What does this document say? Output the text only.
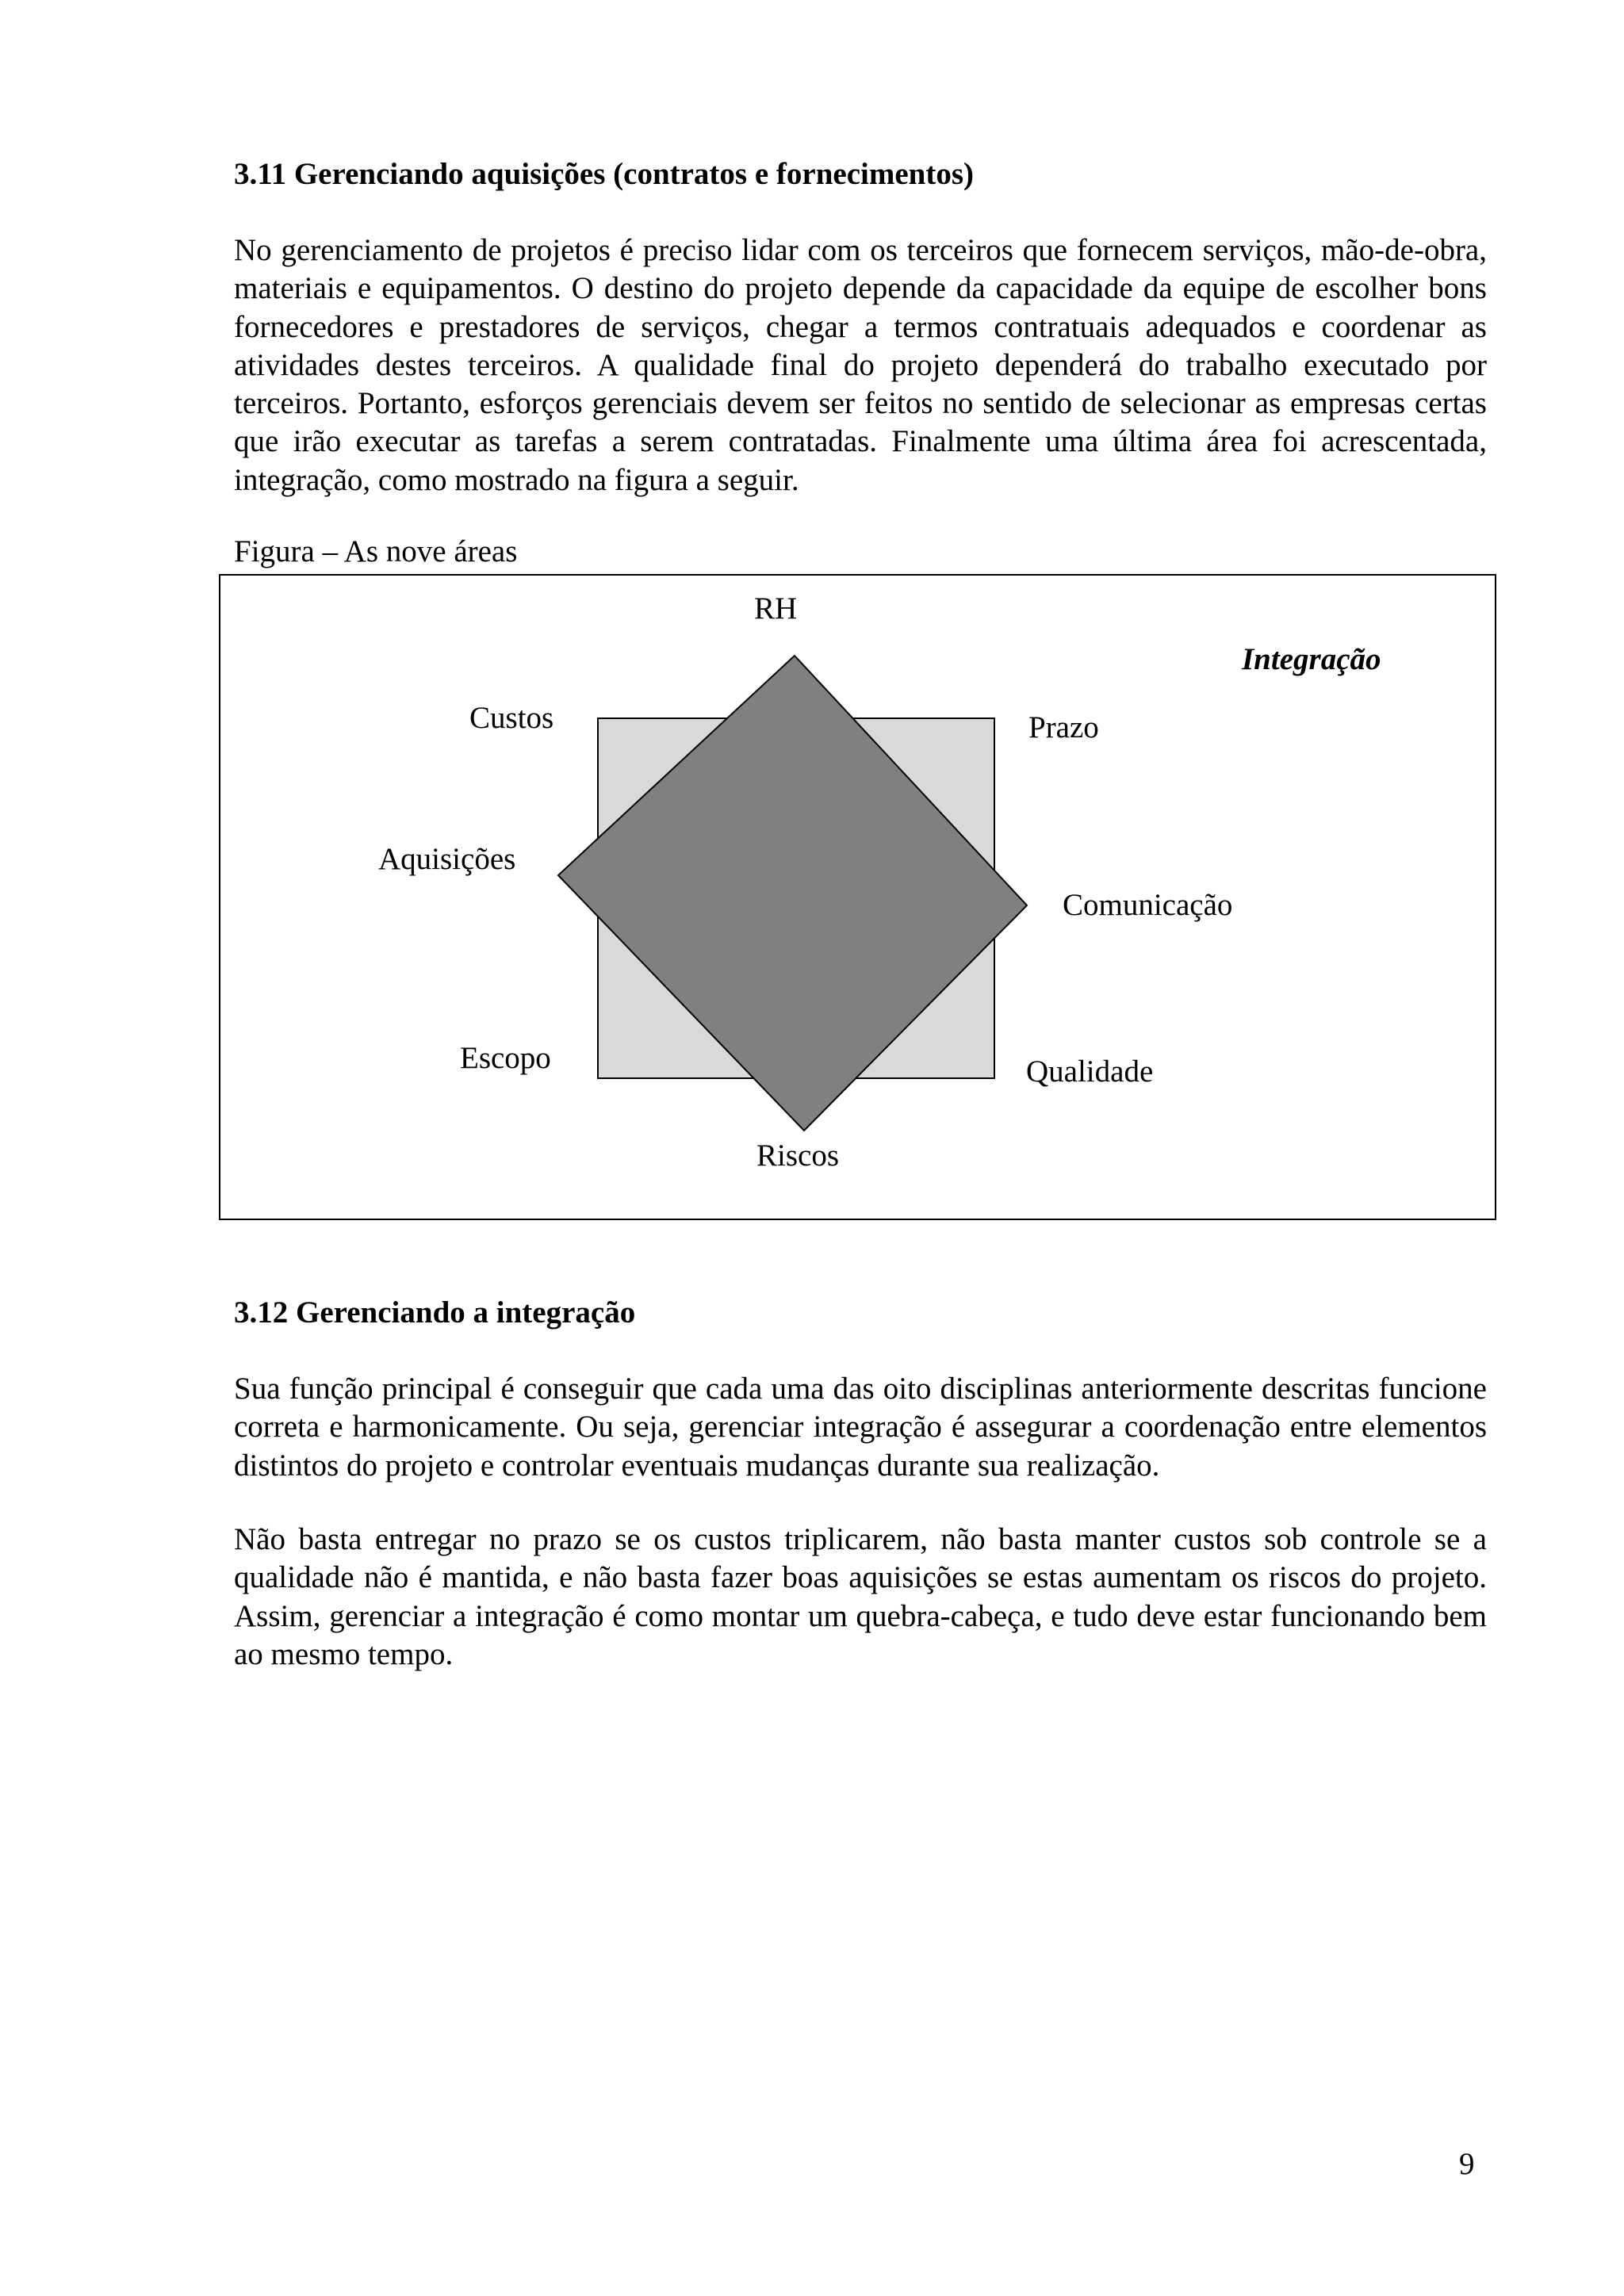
3.11 Gerenciando aquisições (contratos e fornecimentos)

No gerenciamento de projetos é preciso lidar com os terceiros que fornecem serviços, mão-de-obra, materiais e equipamentos. O destino do projeto depende da capacidade da equipe de escolher bons fornecedores e prestadores de serviços, chegar a termos contratuais adequados e coordenar as atividades destes terceiros. A qualidade final do projeto dependerá do trabalho executado por terceiros. Portanto, esforços gerenciais devem ser feitos no sentido de selecionar as empresas certas que irão executar as tarefas a serem contratadas. Finalmente uma última área foi acrescentada, integração, como mostrado na figura a seguir.

Figura – As nove áreas

RH
Integração
Custos	Prazo
Aquisições
Comunicação
Escopo	Qualidade
Riscos
3.12 Gerenciando a integração

Sua função principal é conseguir que cada uma das oito disciplinas anteriormente descritas funcione correta e harmonicamente. Ou seja, gerenciar integração é assegurar a coordenação entre elementos distintos do projeto e controlar eventuais mudanças durante sua realização.

Não basta entregar no prazo se os custos triplicarem, não basta manter custos sob controle se a qualidade não é mantida, e não basta fazer boas aquisições se estas aumentam os riscos do projeto. Assim, gerenciar a integração é como montar um quebra-cabeça, e tudo deve estar funcionando bem ao mesmo tempo.

9
